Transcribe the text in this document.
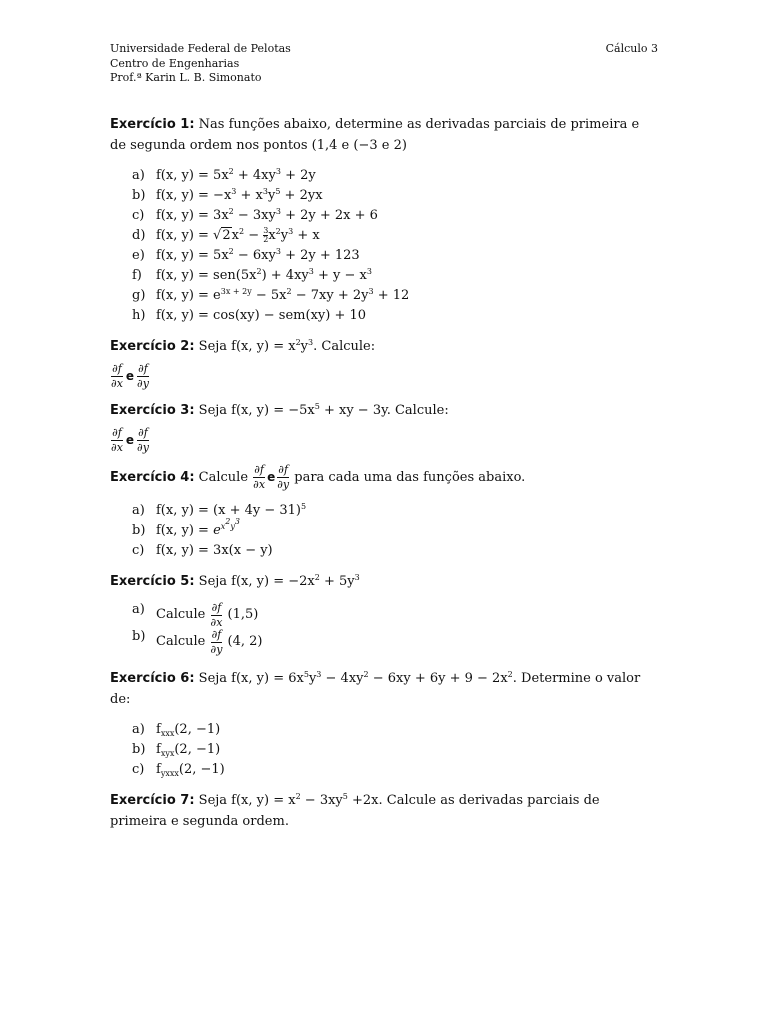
Universidade Federal de Pelotas
Centro de Engenharias
Prof.ª Karin L. B. Simonato
Cálculo 3

Exercício 1: Nas funções abaixo, determine as derivadas parciais de primeira e de segunda ordem nos pontos (1,4 e (−3 e 2)

a) f(x, $y) = 5x^2 + 4xy^3 + 2y$
b) f(x, $y) = -x^3 + x^3y^5 + 2yx$
c) f(x, $y) = 3x^2 - 3xy^3 + 2y + 2x + 6$
d) f(x, $y) = √2x^2 - \frac{3}{2} x^2y^3 + x$
e) f(x, $y) = 5x^2 - 6xy^3 + 2y + 123$
f)	f(x, $y) = sen(5x^2) + 4xy^3 + y - x^3$
g) f(x, $y) = e^{3x + 2y} - 5x^2 - 7xy + 2y^3 + 12$
h) f(x, y) = cos(xy) − sem(xy) + 10

Exercício 2: Seja f(x, $y) = x^2y^3$. Calcule:

$\frac{\partial f}{\partial x}$ e $\frac{\partial f}{\partial y}$

Exercício 3: Seja f(x, $y) = -5x^5$ + xy − 3y. Calcule:

$\frac{\partial f}{\partial x}$ e $\frac{\partial f}{\partial y}$
Exercício 4: Calcule $\frac{\partial f}{\partial x}$ e $\frac{\partial f}{\partial y}$ para cada uma das funções abaixo.
a) f(x, $y) = (x + 4y - 31)^5$
b) f(x, $y) = e^{x^2y^3}$
c) f(x, y) = 3x(x − y)

Exercício 5: Seja f(x, $y) = -2x^2 + 5y^3$

a) Calcule $\frac{\partial f}{\partial x} (1,5)$
b) Calcule $\frac{\partial f}{\partial y} (4$, 2)

Exercício 6: Seja f(x, $y) = 6x^5y^3 - 4xy^2 - 6xy + 6y + 9 - 2x^2$. Determine o valor de:

a) $f_{xxx}(2$, −1)
b) $f_{xyx}(2$, −1)
c) $f_{yxxx}(2$, −1)

Exercício 7: Seja f(x, $y) = x^2 - 3xy^5 +2x$. Calcule as derivadas parciais de primeira e segunda ordem.
